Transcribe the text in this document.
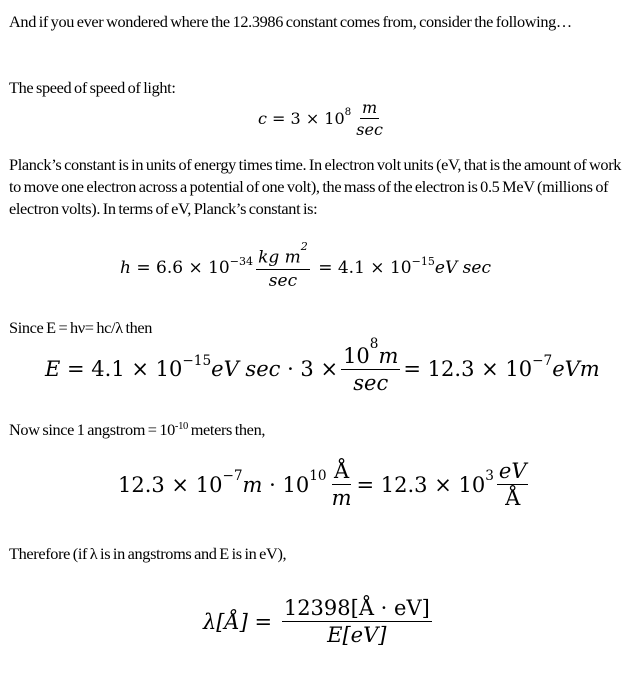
And if you ever wondered where the 12.3986 constant comes from, consider the following…
The speed of speed of light:
$c = 3 \times 10^8 \frac{m}{\sec}$
Planck’s constant is in units of energy times time. In electron volt units (eV, that is the amount of work to move one electron across a potential of one volt), the mass of the electron is 0.5 MeV (millions of electron volts). In terms of eV, Planck’s constant is:
$h = 6.6 \times 10^{-34} \frac{kg m^2}{\sec} = 4.1 \times 10^{-15}$ eV sec
Since E = hν= hc/λ then
$E = 4.1 \times 10^{-15}$ eV $\sec \cdot 3 \times \frac{10^8m}{\sec} = 12.3 \times 10^{-7}$ eVm
Now since 1 angstrom = $10^{-10}$ meters then,
$12.3 \times 10^{-7}$ $m \cdot 10^{10} \frac{Å}{m} = 12.3 \times 10^3 \frac{eV}{Å}$
Therefore (if λ is in angstroms and E is in eV),
λ[Å] = $\frac{12398[Å \cdot eV]}{E[eV]}$
